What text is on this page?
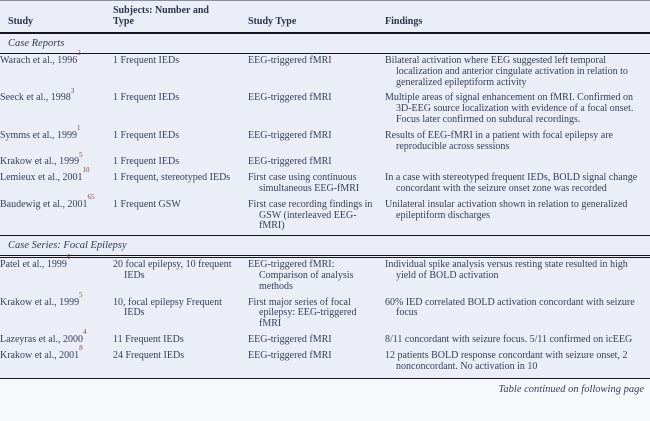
Study	Subjects: Number and Type	Study Type	Findings
Case Reports			

Warach et al., 1996$^2$	1 Frequent IEDs	EEG-triggered fMRI	Bilateral activation where EEG suggested left temporal localization and anterior cingulate activation in relation to generalized epileptiform activity

Seeck et al., 1998$^3$	1 Frequent IEDs	EEG-triggered fMRI	Multiple areas of signal enhancement on fMRI. Confirmed on 3D-EEG source localization with evidence of a focal onset. Focus later confirmed on subdural recordings.

Symms et al., 1999$^1$	1 Frequent IEDs	EEG-triggered fMRI	Results of EEG-fMRI in a patient with focal epilepsy are reproducible across sessions

Krakow et al., 1999$^5$	1 Frequent IEDs	EEG-triggered fMRI	

Lemieux et al., 2001$^{10}$	1 Frequent, stereotyped IEDs	First case using continuous simultaneous EEG-fMRI	In a case with stereotyped frequent IEDs, BOLD signal change concordant with the seizure onset zone was recorded

Baudewig et al., 2001$^{65}$	1 Frequent GSW	First case recording findings in GSW (interleaved EEG-fMRI)	Unilateral insular activation shown in relation to generalized epileptiform discharges

Case Series: Focal Epilepsy			

Patel et al., 1999$^6$	20 focal epilepsy, 10 frequent IEDs	EEG-triggered fMRI: Comparison of analysis methods	Individual spike analysis versus resting state resulted in high yield of BOLD activation

Krakow et al., 1999$^5$	10, focal epilepsy Frequent IEDs	First major series of focal epilepsy: EEG-triggered fMRI	60% IED correlated BOLD activation concordant with seizure focus

Lazeyras et al., 2000$^4$	11 Frequent IEDs	EEG-triggered fMRI	8/11 concordant with seizure focus. 5/11 confirmed on icEEG

Krakow et al., 2001$^8$	24 Frequent IEDs	EEG-triggered fMRI	12 patients BOLD response concordant with seizure onset, 2 nonconcordant. No activation in 10
Table continued on following page
